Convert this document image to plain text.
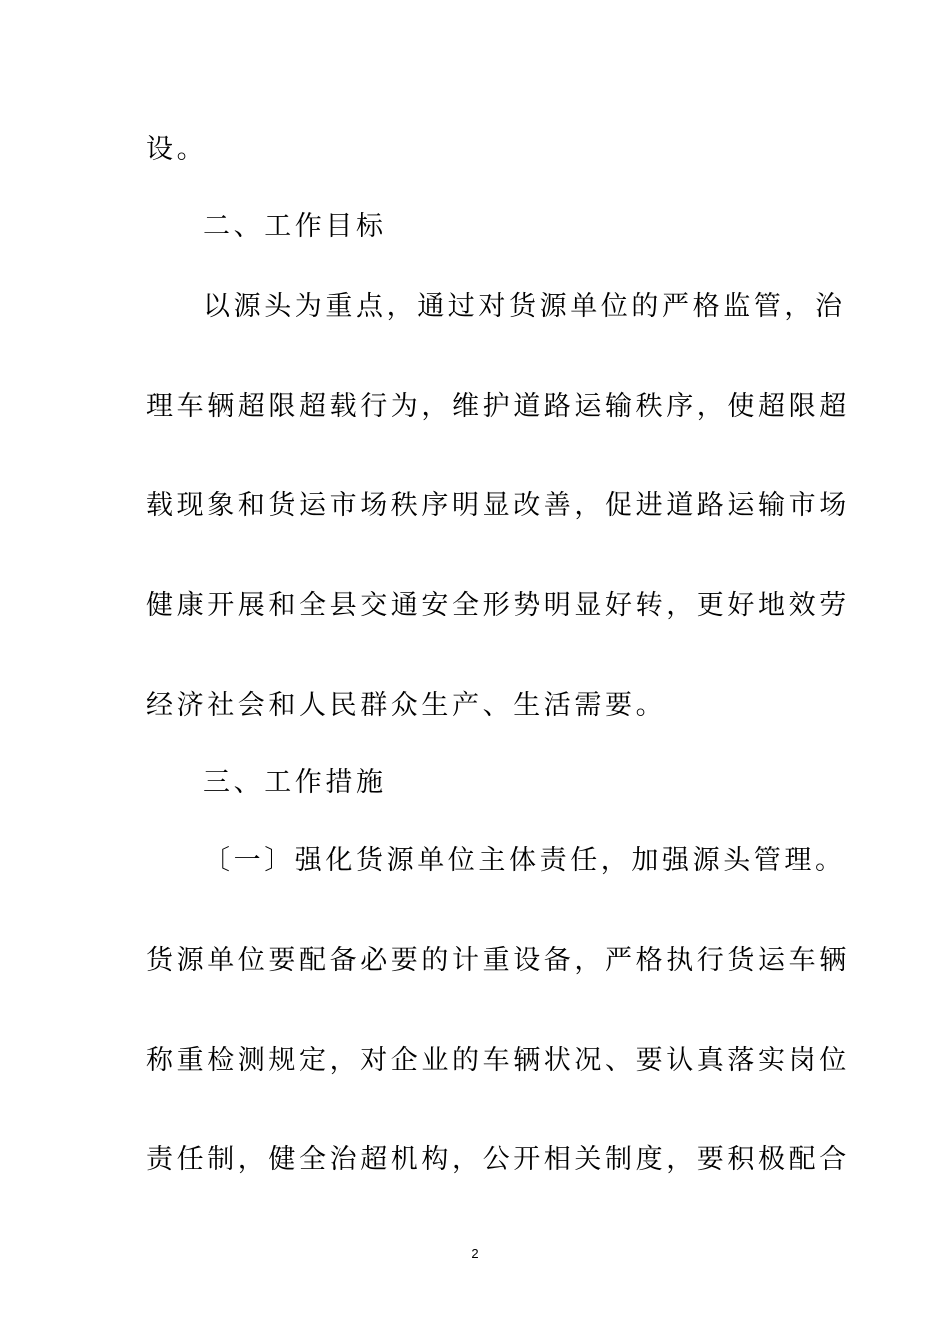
设。
二、工作目标
以源头为重点，通过对货源单位的严格监管，治
理车辆超限超载行为，维护道路运输秩序，使超限超
载现象和货运市场秩序明显改善，促进道路运输市场
健康开展和全县交通安全形势明显好转，更好地效劳
经济社会和人民群众生产、生活需要。
三、工作措施
〔一〕强化货源单位主体责任，加强源头管理。
货源单位要配备必要的计重设备，严格执行货运车辆
称重检测规定，对企业的车辆状况、要认真落实岗位
责任制，健全治超机构，公开相关制度，要积极配合
2
